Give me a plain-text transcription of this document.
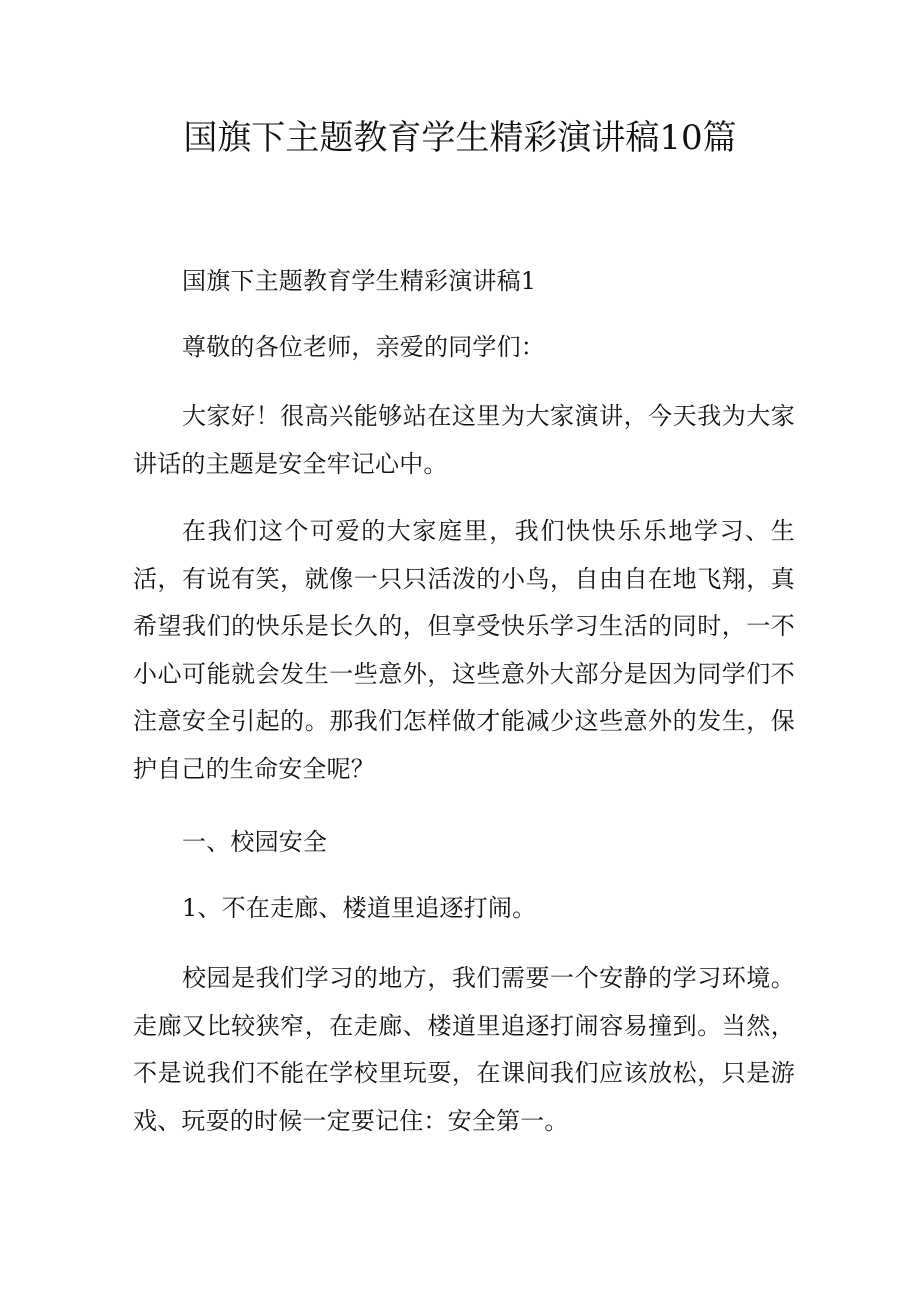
国旗下主题教育学生精彩演讲稿10篇

国旗下主题教育学生精彩演讲稿1

尊敬的各位老师，亲爱的同学们：

大家好！很高兴能够站在这里为大家演讲，今天我为大家讲话的主题是安全牢记心中。

在我们这个可爱的大家庭里，我们快快乐乐地学习、生活，有说有笑，就像一只只活泼的小鸟，自由自在地飞翔，真希望我们的快乐是长久的，但享受快乐学习生活的同时，一不小心可能就会发生一些意外，这些意外大部分是因为同学们不注意安全引起的。那我们怎样做才能减少这些意外的发生，保护自己的生命安全呢？

一、校园安全

1、不在走廊、楼道里追逐打闹。

校园是我们学习的地方，我们需要一个安静的学习环境。走廊又比较狭窄，在走廊、楼道里追逐打闹容易撞到。当然，不是说我们不能在学校里玩耍，在课间我们应该放松，只是游戏、玩耍的时候一定要记住：安全第一。
